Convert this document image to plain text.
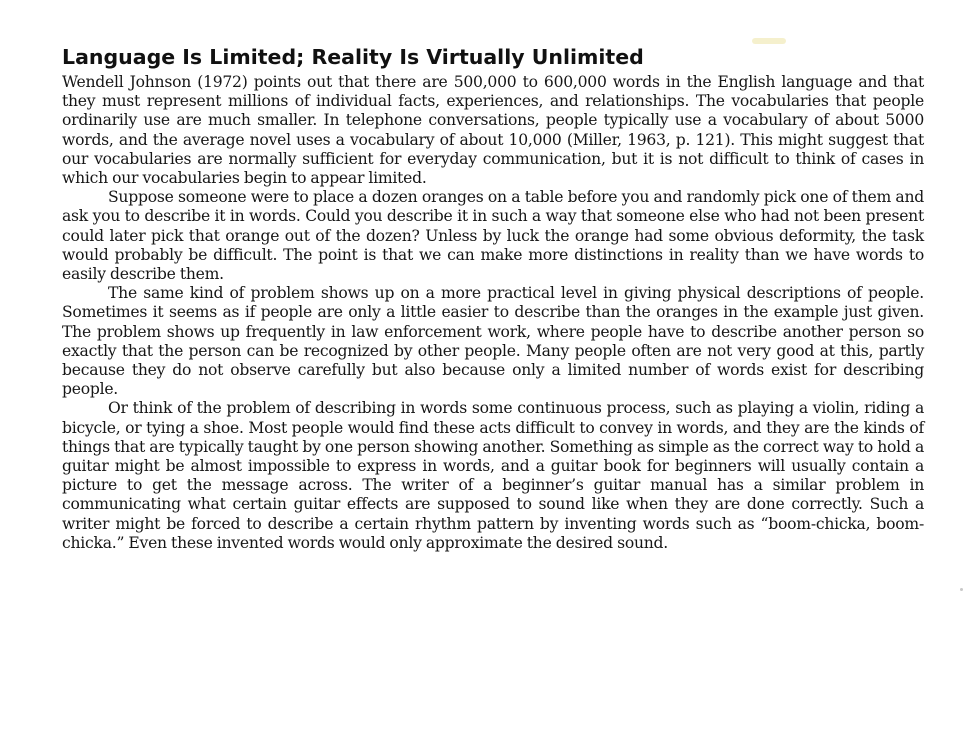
Language Is Limited; Reality Is Virtually Unlimited

Wendell Johnson (1972) points out that there are 500,000 to 600,000 words in the English language and that they must represent millions of individual facts, experiences, and relationships. The vocabularies that people ordinarily use are much smaller. In telephone conversations, people typically use a vocabulary of about 5000 words, and the average novel uses a vocabulary of about 10,000 (Miller, 1963, p. 121). This might suggest that our vocabularies are normally sufficient for everyday communication, but it is not difficult to think of cases in which our vocabularies begin to appear limited.

Suppose someone were to place a dozen oranges on a table before you and randomly pick one of them and ask you to describe it in words. Could you describe it in such a way that someone else who had not been present could later pick that orange out of the dozen? Unless by luck the orange had some obvious deformity, the task would probably be difficult. The point is that we can make more distinctions in reality than we have words to easily describe them.

The same kind of problem shows up on a more practical level in giving physical descriptions of people. Sometimes it seems as if people are only a little easier to describe than the oranges in the example just given. The problem shows up frequently in law enforcement work, where people have to describe another person so exactly that the person can be recognized by other people. Many people often are not very good at this, partly because they do not observe carefully but also because only a limited number of words exist for describing people.

Or think of the problem of describing in words some continuous process, such as playing a violin, riding a bicycle, or tying a shoe. Most people would find these acts difficult to convey in words, and they are the kinds of things that are typically taught by one person showing another. Something as simple as the correct way to hold a guitar might be almost impossible to express in words, and a guitar book for beginners will usually contain a picture to get the message across. The writer of a beginner’s guitar manual has a similar problem in communicating what certain guitar effects are supposed to sound like when they are done correctly. Such a writer might be forced to describe a certain rhythm pattern by inventing words such as “boom-chicka, boom-chicka.” Even these invented words would only approximate the desired sound.
